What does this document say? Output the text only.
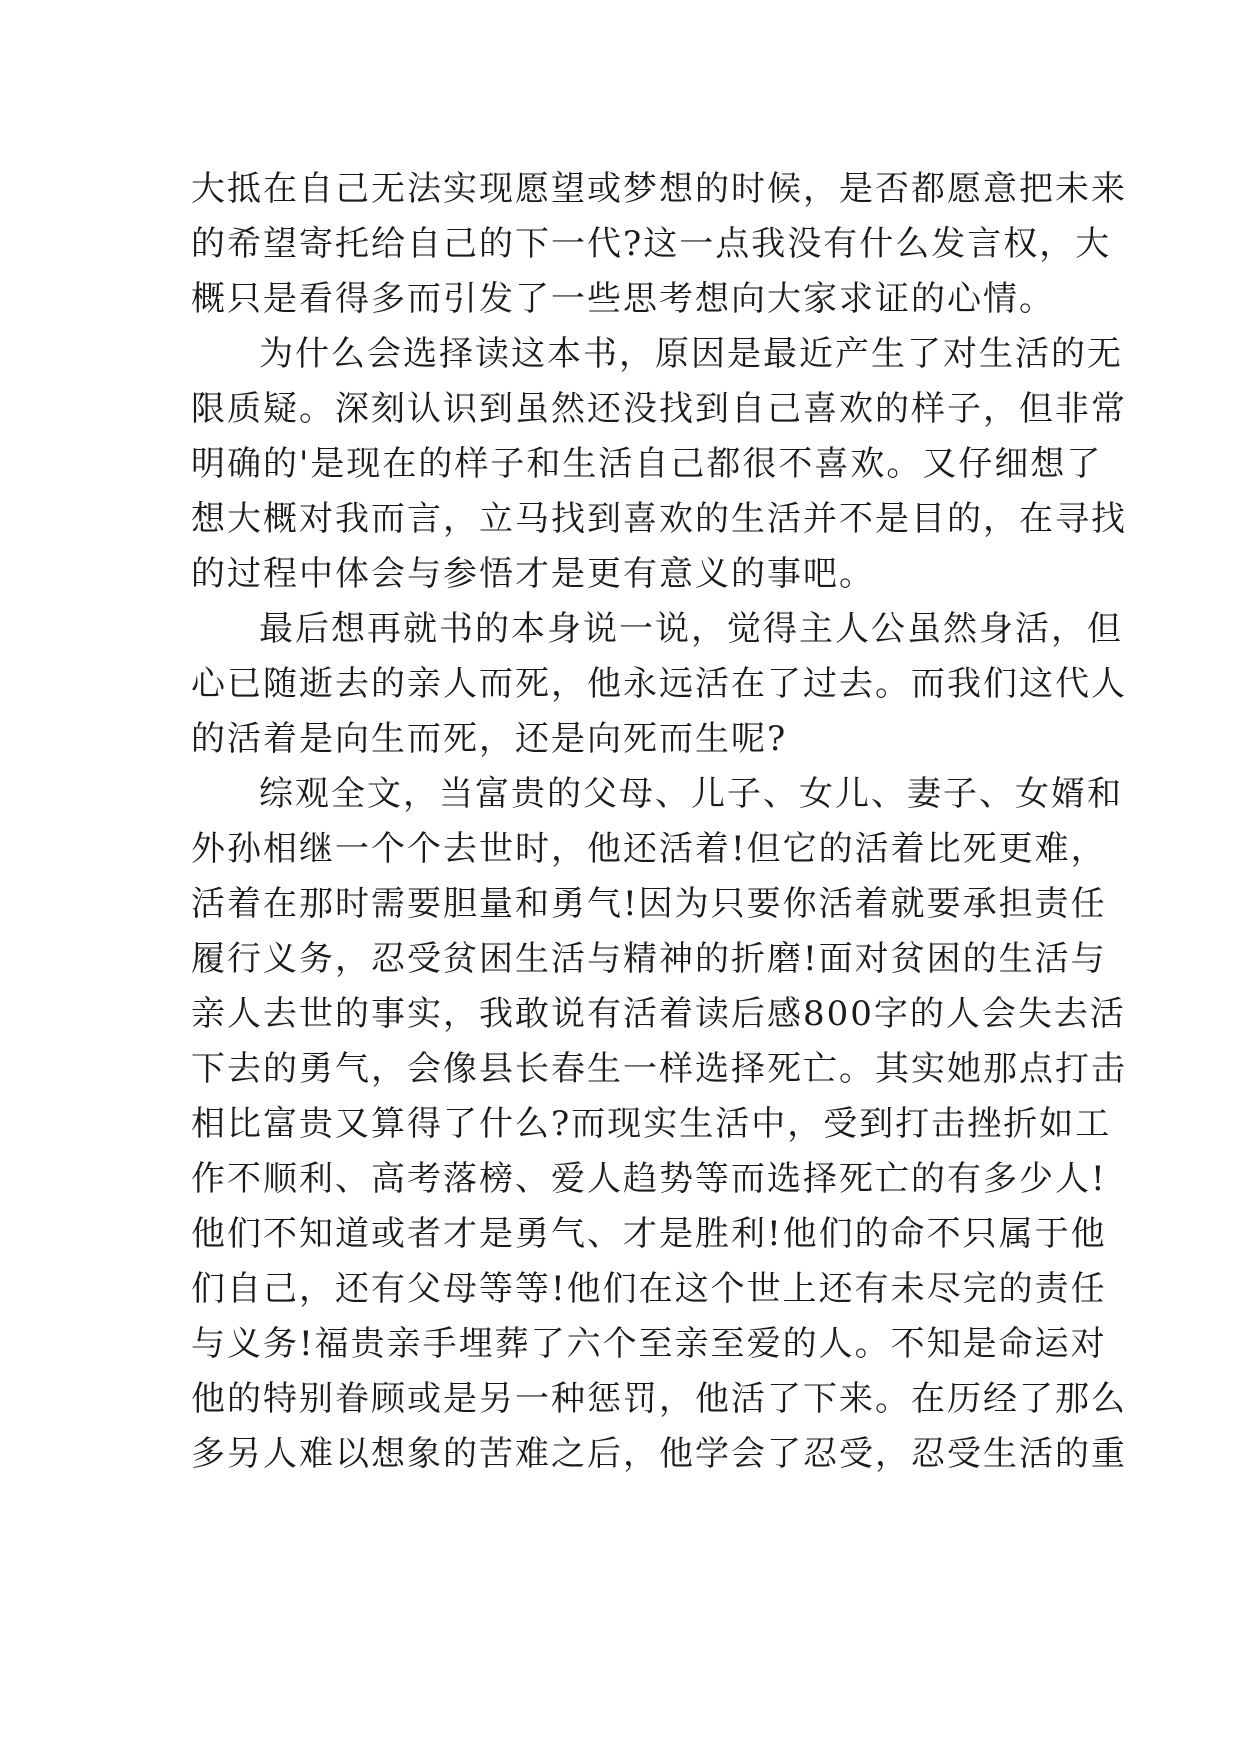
大抵在自己无法实现愿望或梦想的时候，是否都愿意把未来
的希望寄托给自己的下一代?这一点我没有什么发言权，大
概只是看得多而引发了一些思考想向大家求证的心情。
为什么会选择读这本书，原因是最近产生了对生活的无
限质疑。深刻认识到虽然还没找到自己喜欢的样子，但非常
明确的'是现在的样子和生活自己都很不喜欢。又仔细想了
想大概对我而言，立马找到喜欢的生活并不是目的，在寻找
的过程中体会与参悟才是更有意义的事吧。
最后想再就书的本身说一说，觉得主人公虽然身活，但
心已随逝去的亲人而死，他永远活在了过去。而我们这代人
的活着是向生而死，还是向死而生呢?
综观全文，当富贵的父母、儿子、女儿、妻子、女婿和
外孙相继一个个去世时，他还活着!但它的活着比死更难，
活着在那时需要胆量和勇气!因为只要你活着就要承担责任
履行义务，忍受贫困生活与精神的折磨!面对贫困的生活与
亲人去世的事实，我敢说有活着读后感800字的人会失去活
下去的勇气，会像县长春生一样选择死亡。其实她那点打击
相比富贵又算得了什么?而现实生活中，受到打击挫折如工
作不顺利、高考落榜、爱人趋势等而选择死亡的有多少人!
他们不知道或者才是勇气、才是胜利!他们的命不只属于他
们自己，还有父母等等!他们在这个世上还有未尽完的责任
与义务!福贵亲手埋葬了六个至亲至爱的人。不知是命运对
他的特别眷顾或是另一种惩罚，他活了下来。在历经了那么
多另人难以想象的苦难之后，他学会了忍受，忍受生活的重
